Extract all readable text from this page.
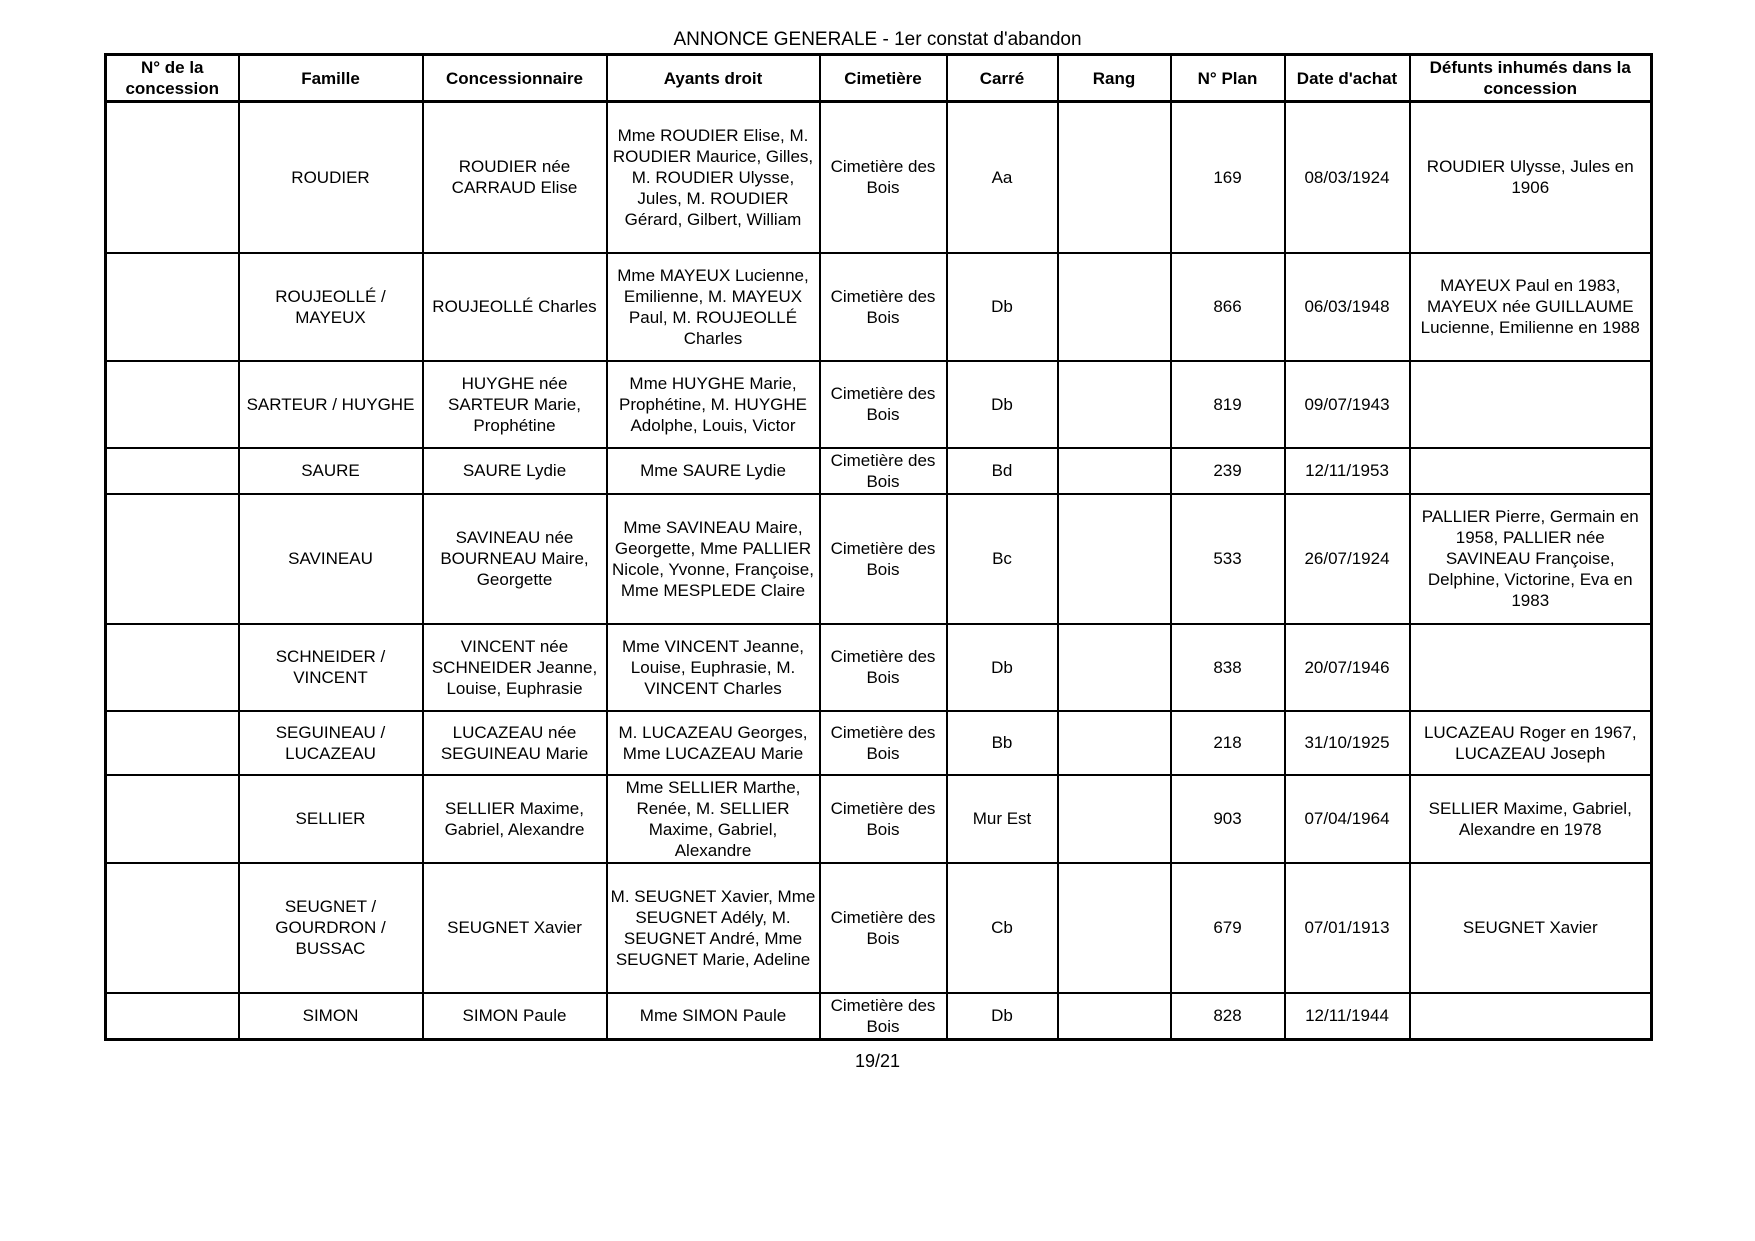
ANNONCE GENERALE - 1er constat d'abandon
N° de la concession	Famille	Concessionnaire	Ayants droit	Cimetière	Carré	Rang	N° Plan	Date d'achat	Défunts inhumés dans la concession
	ROUDIER	ROUDIER née CARRAUD Elise	Mme ROUDIER Elise, M. ROUDIER Maurice, Gilles, M. ROUDIER Ulysse, Jules, M. ROUDIER Gérard, Gilbert, William	Cimetière des Bois	Aa		169	08/03/1924	ROUDIER Ulysse, Jules en 1906
	ROUJEOLLÉ / MAYEUX	ROUJEOLLÉ Charles	Mme MAYEUX Lucienne, Emilienne, M. MAYEUX Paul, M. ROUJEOLLÉ Charles	Cimetière des Bois	Db		866	06/03/1948	MAYEUX Paul en 1983, MAYEUX née GUILLAUME Lucienne, Emilienne en 1988
	SARTEUR / HUYGHE	HUYGHE née SARTEUR Marie, Prophétine	Mme HUYGHE Marie, Prophétine, M. HUYGHE Adolphe, Louis, Victor	Cimetière des Bois	Db		819	09/07/1943	
	SAURE	SAURE Lydie	Mme SAURE Lydie	Cimetière des Bois	Bd		239	12/11/1953	
	SAVINEAU	SAVINEAU née BOURNEAU Maire, Georgette	Mme SAVINEAU Maire, Georgette, Mme PALLIER Nicole, Yvonne, Françoise, Mme MESPLEDE Claire	Cimetière des Bois	Bc		533	26/07/1924	PALLIER Pierre, Germain en 1958, PALLIER née SAVINEAU Françoise, Delphine, Victorine, Eva en 1983
	SCHNEIDER / VINCENT	VINCENT née SCHNEIDER Jeanne, Louise, Euphrasie	Mme VINCENT Jeanne, Louise, Euphrasie, M. VINCENT Charles	Cimetière des Bois	Db		838	20/07/1946	
	SEGUINEAU / LUCAZEAU	LUCAZEAU née SEGUINEAU Marie	M. LUCAZEAU Georges, Mme LUCAZEAU Marie	Cimetière des Bois	Bb		218	31/10/1925	LUCAZEAU Roger en 1967, LUCAZEAU Joseph
	SELLIER	SELLIER Maxime, Gabriel, Alexandre	Mme SELLIER Marthe, Renée, M. SELLIER Maxime, Gabriel, Alexandre	Cimetière des Bois	Mur Est		903	07/04/1964	SELLIER Maxime, Gabriel, Alexandre en 1978
	SEUGNET / GOURDRON / BUSSAC	SEUGNET Xavier	M. SEUGNET Xavier, Mme SEUGNET Adély, M. SEUGNET André, Mme SEUGNET Marie, Adeline	Cimetière des Bois	Cb		679	07/01/1913	SEUGNET Xavier
	SIMON	SIMON Paule	Mme SIMON Paule	Cimetière des Bois	Db		828	12/11/1944	
19/21
